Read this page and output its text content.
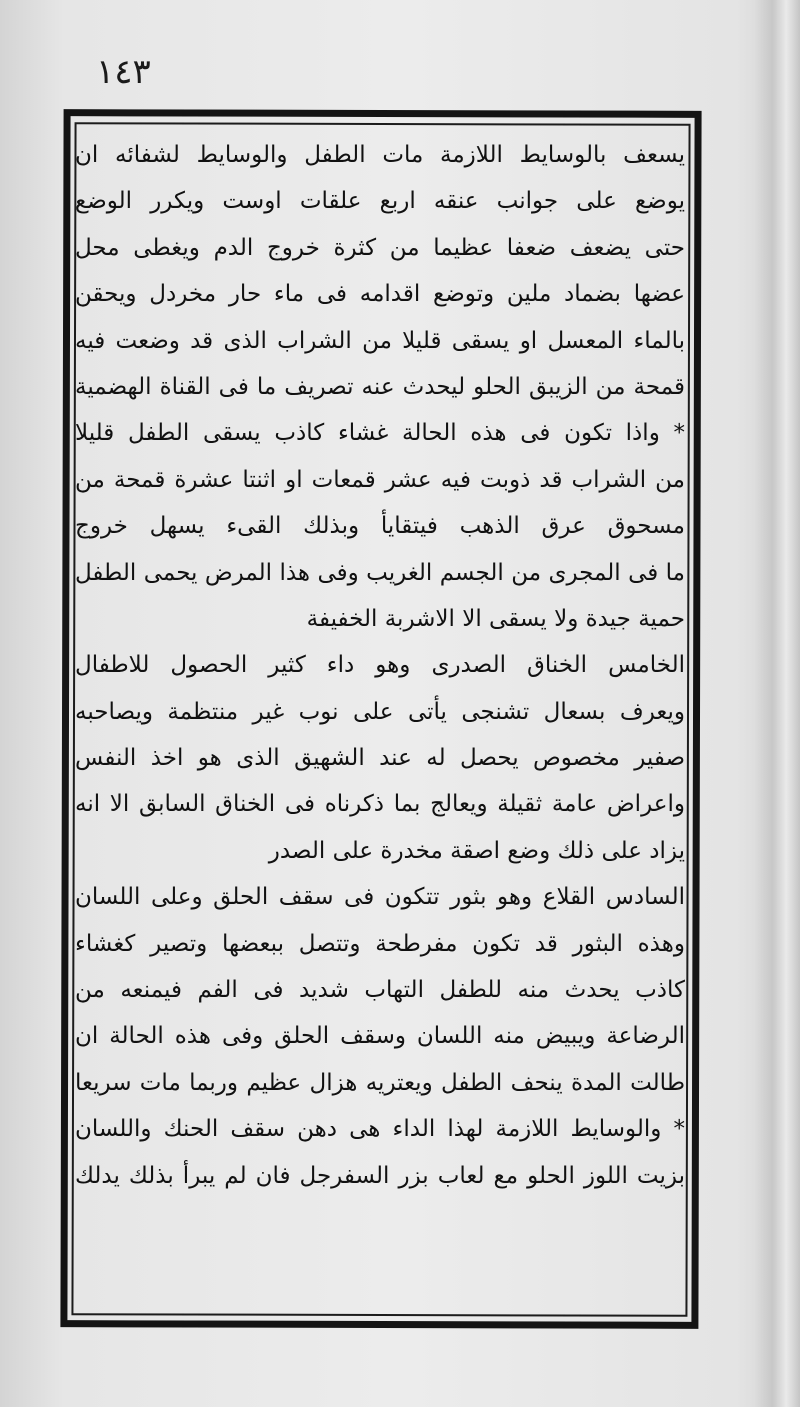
١٤٣
يسعف بالوسايط اللازمة مات الطفل والوسايط لشفائه ان
يوضع على جوانب عنقه اربع علقات اوست ويكرر الوضع
حتى يضعف ضعفا عظيما من كثرة خروج الدم ويغطى محل
عضها بضماد ملين وتوضع اقدامه فى ماء حار مخردل ويحقن
بالماء المعسل او يسقى قليلا من الشراب الذى قد وضعت فيه
قمحة من الزيبق الحلو ليحدث عنه تصريف ما فى القناة الهضمية
* واذا تكون فى هذه الحالة غشاء كاذب يسقى الطفل قليلا
من الشراب قد ذوبت فيه عشر قمعات او اثنتا عشرة قمحة من
مسحوق عرق الذهب فيتقايأ وبذلك القىء يسهل خروج
ما فى المجرى من الجسم الغريب وفى هذا المرض يحمى الطفل
حمية جيدة ولا يسقى الا الاشربة الخفيفة
الخامس الخناق الصدرى وهو داء كثير الحصول للاطفال
ويعرف بسعال تشنجى يأتى على نوب غير منتظمة ويصاحبه
صفير مخصوص يحصل له عند الشهيق الذى هو اخذ النفس
واعراض عامة ثقيلة ويعالج بما ذكرناه فى الخناق السابق الا انه
يزاد على ذلك وضع اصقة مخدرة على الصدر
السادس القلاع وهو بثور تتكون فى سقف الحلق وعلى اللسان
وهذه البثور قد تكون مفرطحة وتتصل ببعضها وتصير كغشاء
كاذب يحدث منه للطفل التهاب شديد فى الفم فيمنعه من
الرضاعة ويبيض منه اللسان وسقف الحلق وفى هذه الحالة ان
طالت المدة ينحف الطفل ويعتريه هزال عظيم وربما مات سريعا
* والوسايط اللازمة لهذا الداء هى دهن سقف الحنك واللسان
بزيت اللوز الحلو مع لعاب بزر السفرجل فان لم يبرأ بذلك يدلك
